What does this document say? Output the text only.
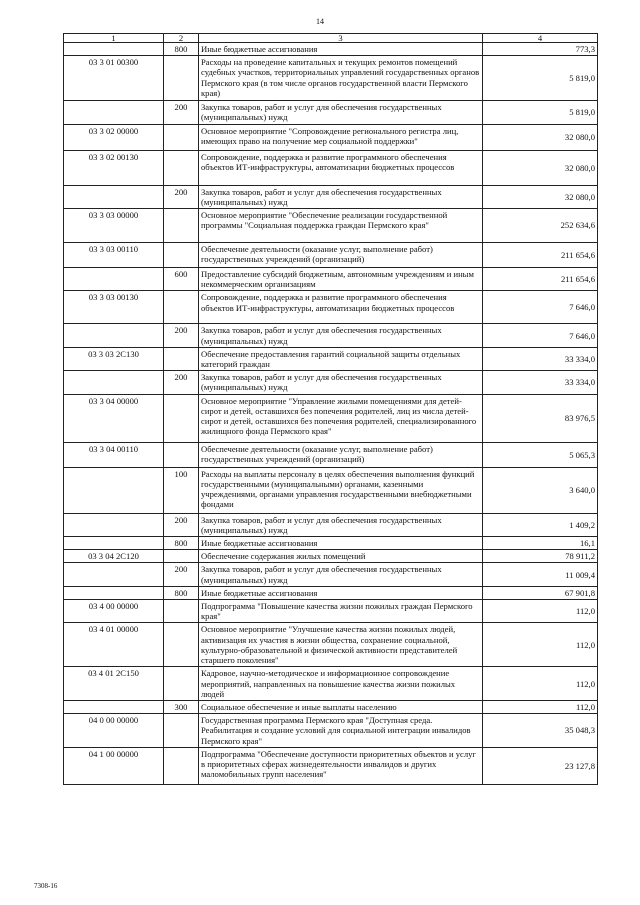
14
1	2	3	4
	800	Иные бюджетные ассигнования	773,3
03 3 01 00300		Расходы на проведение капитальных и текущих ремонтов помещений судебных участков, территориальных управлений государственных органов Пермского края (в том числе органов государственной власти Пермского края)	5 819,0
	200	Закупка товаров, работ и услуг для обеспечения государственных (муниципальных) нужд	5 819,0
03 3 02 00000		Основное мероприятие "Сопровождение регионального регистра лиц, имеющих право на получение мер социальной поддержки"	32 080,0
03 3 02 00130		Сопровождение, поддержка и развитие программного обеспечения объектов ИТ-инфраструктуры, автоматизации бюджетных процессов	32 080,0
	200	Закупка товаров, работ и услуг для обеспечения государственных (муниципальных) нужд	32 080,0
03 3 03 00000		Основное мероприятие "Обеспечение реализации государственной программы "Социальная поддержка граждан Пермского края"	252 634,6
03 3 03 00110		Обеспечение деятельности (оказание услуг, выполнение работ) государственных учреждений (организаций)	211 654,6
	600	Предоставление субсидий бюджетным, автономным учреждениям и иным некоммерческим организациям	211 654,6
03 3 03 00130		Сопровождение, поддержка и развитие программного обеспечения объектов ИТ-инфраструктуры, автоматизации бюджетных процессов	7 646,0
	200	Закупка товаров, работ и услуг для обеспечения государственных (муниципальных) нужд	7 646,0
03 3 03 2С130		Обеспечение предоставления гарантий социальной защиты отдельных категорий граждан	33 334,0
	200	Закупка товаров, работ и услуг для обеспечения государственных (муниципальных) нужд	33 334,0
03 3 04 00000		Основное мероприятие "Управление жилыми помещениями для детей-сирот и детей, оставшихся без попечения родителей, лиц из числа детей-сирот и детей, оставшихся без попечения родителей, специализированного жилищного фонда Пермского края"	83 976,5
03 3 04 00110		Обеспечение деятельности (оказание услуг, выполнение работ) государственных учреждений (организаций)	5 065,3
	100	Расходы на выплаты персоналу в целях обеспечения выполнения функций государственными (муниципальными) органами, казенными учреждениями, органами управления государственными внебюджетными фондами	3 640,0
	200	Закупка товаров, работ и услуг для обеспечения государственных (муниципальных) нужд	1 409,2
	800	Иные бюджетные ассигнования	16,1
03 3 04 2С120		Обеспечение содержания жилых помещений	78 911,2
	200	Закупка товаров, работ и услуг для обеспечения государственных (муниципальных) нужд	11 009,4
	800	Иные бюджетные ассигнования	67 901,8
03 4 00 00000		Подпрограмма "Повышение качества жизни пожилых граждан Пермского края"	112,0
03 4 01 00000		Основное мероприятие "Улучшение качества жизни пожилых людей, активизация их участия в жизни общества, сохранение социальной, культурно-образовательной и физической активности представителей старшего поколения"	112,0
03 4 01 2С150		Кадровое, научно-методическое и информационное сопровождение мероприятий, направленных на повышение качества жизни пожилых людей	112,0
	300	Социальное обеспечение и иные выплаты населению	112,0
04 0 00 00000		Государственная программа Пермского края "Доступная среда. Реабилитация и создание условий для социальной интеграции инвалидов Пермского края"	35 048,3
04 1 00 00000		Подпрограмма "Обеспечение доступности приоритетных объектов и услуг в приоритетных сферах жизнедеятельности инвалидов и других маломобильных групп населения"	23 127,8
7308-16
